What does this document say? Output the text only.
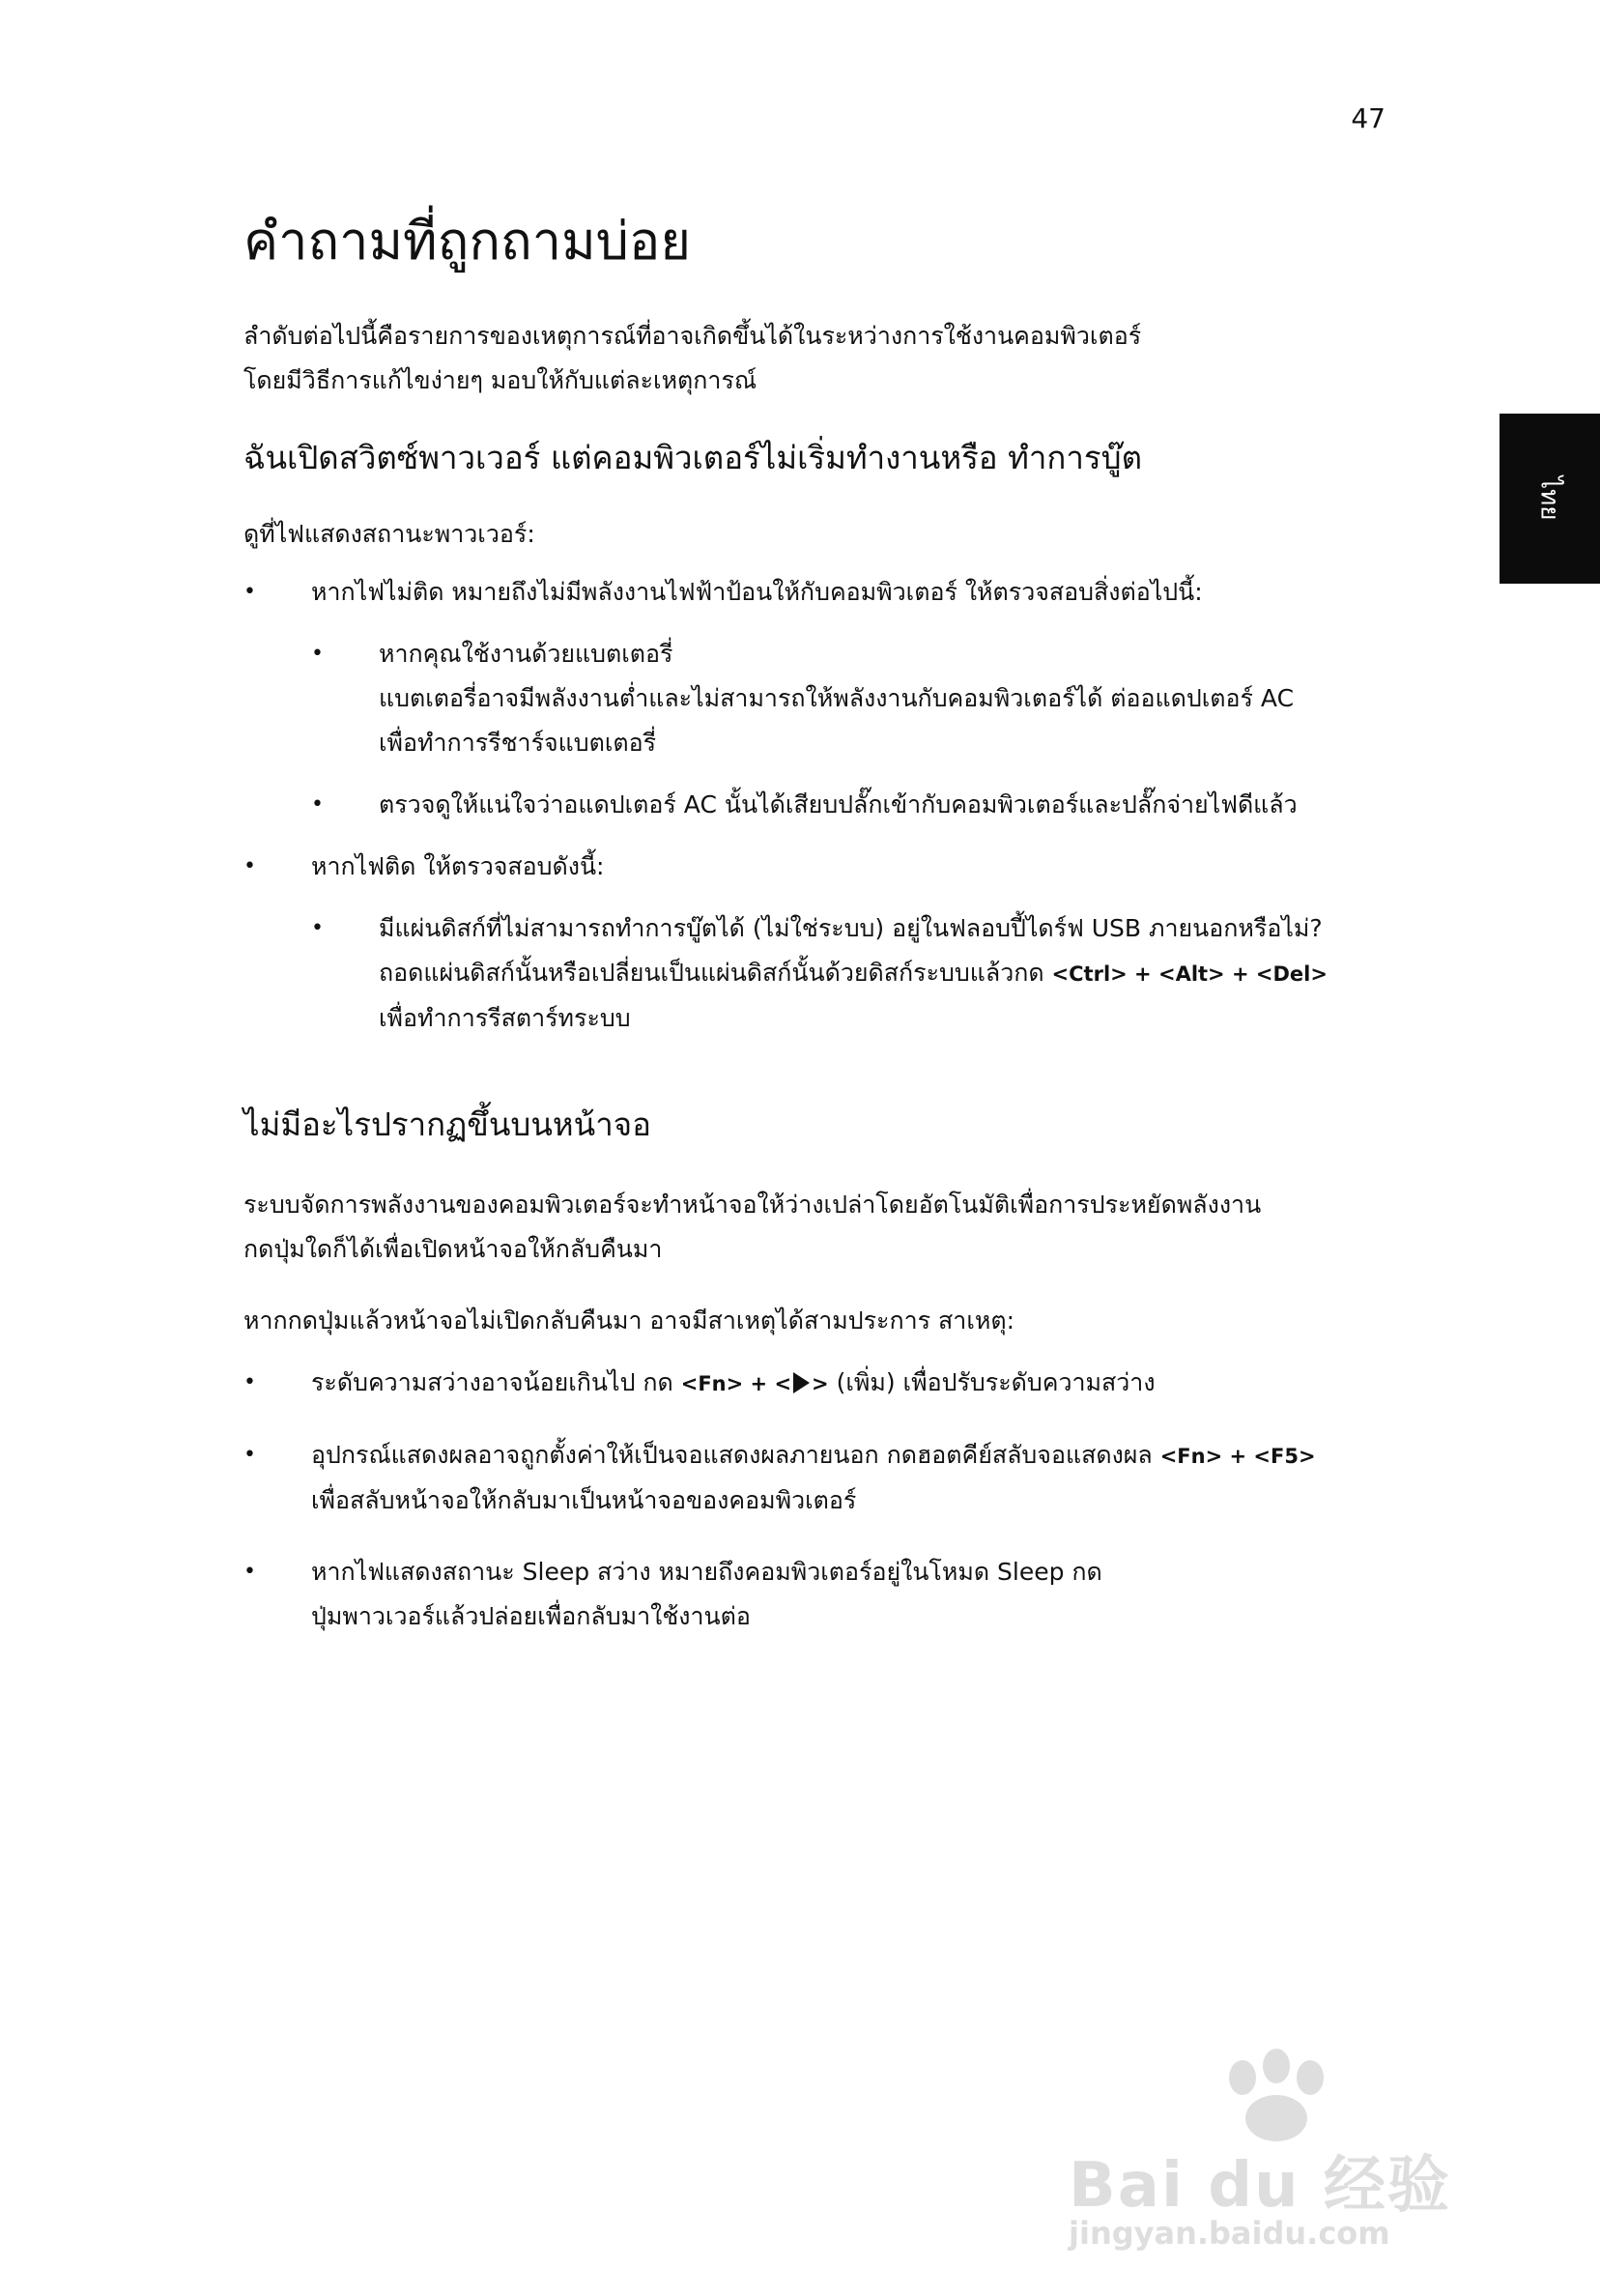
47
ไทย
คำถามที่ถูกถามบ่อย

ลำดับต่อไปนี้คือรายการของเหตุการณ์ที่อาจเกิดขึ้นได้ในระหว่างการใช้งานคอมพิวเตอร์
โดยมีวิธีการแก้ไขง่ายๆ มอบให้กับแต่ละเหตุการณ์

ฉันเปิดสวิตซ์พาวเวอร์ แต่คอมพิวเตอร์ไม่เริ่มทำงานหรือ ทำการบู๊ต

ดูที่ไฟแสดงสถานะพาวเวอร์:

• หากไฟไม่ติด หมายถึงไม่มีพลังงานไฟฟ้าป้อนให้กับคอมพิวเตอร์ ให้ตรวจสอบสิ่งต่อไปนี้:
• หากคุณใช้งานด้วยแบตเตอรี่
แบตเตอรี่อาจมีพลังงานต่ำและไม่สามารถให้พลังงานกับคอมพิวเตอร์ได้ ต่ออแดปเตอร์ AC
เพื่อทำการรีชาร์จแบตเตอรี่
• ตรวจดูให้แน่ใจว่าอแดปเตอร์ AC นั้นได้เสียบปลั๊กเข้ากับคอมพิวเตอร์และปลั๊กจ่ายไฟดีแล้ว
• หากไฟติด ให้ตรวจสอบดังนี้:
• มีแผ่นดิสก์ที่ไม่สามารถทำการบู๊ตได้ (ไม่ใช่ระบบ) อยู่ในฟลอบปี้ไดร์ฟ USB ภายนอกหรือไม่?
ถอดแผ่นดิสก์นั้นหรือเปลี่ยนเป็นแผ่นดิสก์นั้นด้วยดิสก์ระบบแล้วกด <Ctrl> + <Alt> + <Del>
เพื่อทำการรีสตาร์ทระบบ
ไม่มีอะไรปรากฏขึ้นบนหน้าจอ

ระบบจัดการพลังงานของคอมพิวเตอร์จะทำหน้าจอให้ว่างเปล่าโดยอัตโนมัติเพื่อการประหยัดพลังงาน
กดปุ่มใดก็ได้เพื่อเปิดหน้าจอให้กลับคืนมา

หากกดปุ่มแล้วหน้าจอไม่เปิดกลับคืนมา อาจมีสาเหตุได้สามประการ สาเหตุ:

• ระดับความสว่างอาจน้อยเกินไป กด <Fn> + < > (เพิ่ม) เพื่อปรับระดับความสว่าง
• อุปกรณ์แสดงผลอาจถูกตั้งค่าให้เป็นจอแสดงผลภายนอก กดฮอตคีย์สลับจอแสดงผล <Fn> + <F5>
เพื่อสลับหน้าจอให้กลับมาเป็นหน้าจอของคอมพิวเตอร์
• หากไฟแสดงสถานะ Sleep สว่าง หมายถึงคอมพิวเตอร์อยู่ในโหมด Sleep กด
ปุ่มพาวเวอร์แล้วปล่อยเพื่อกลับมาใช้งานต่อ
Bai du 经验
jingyan.baidu.com
